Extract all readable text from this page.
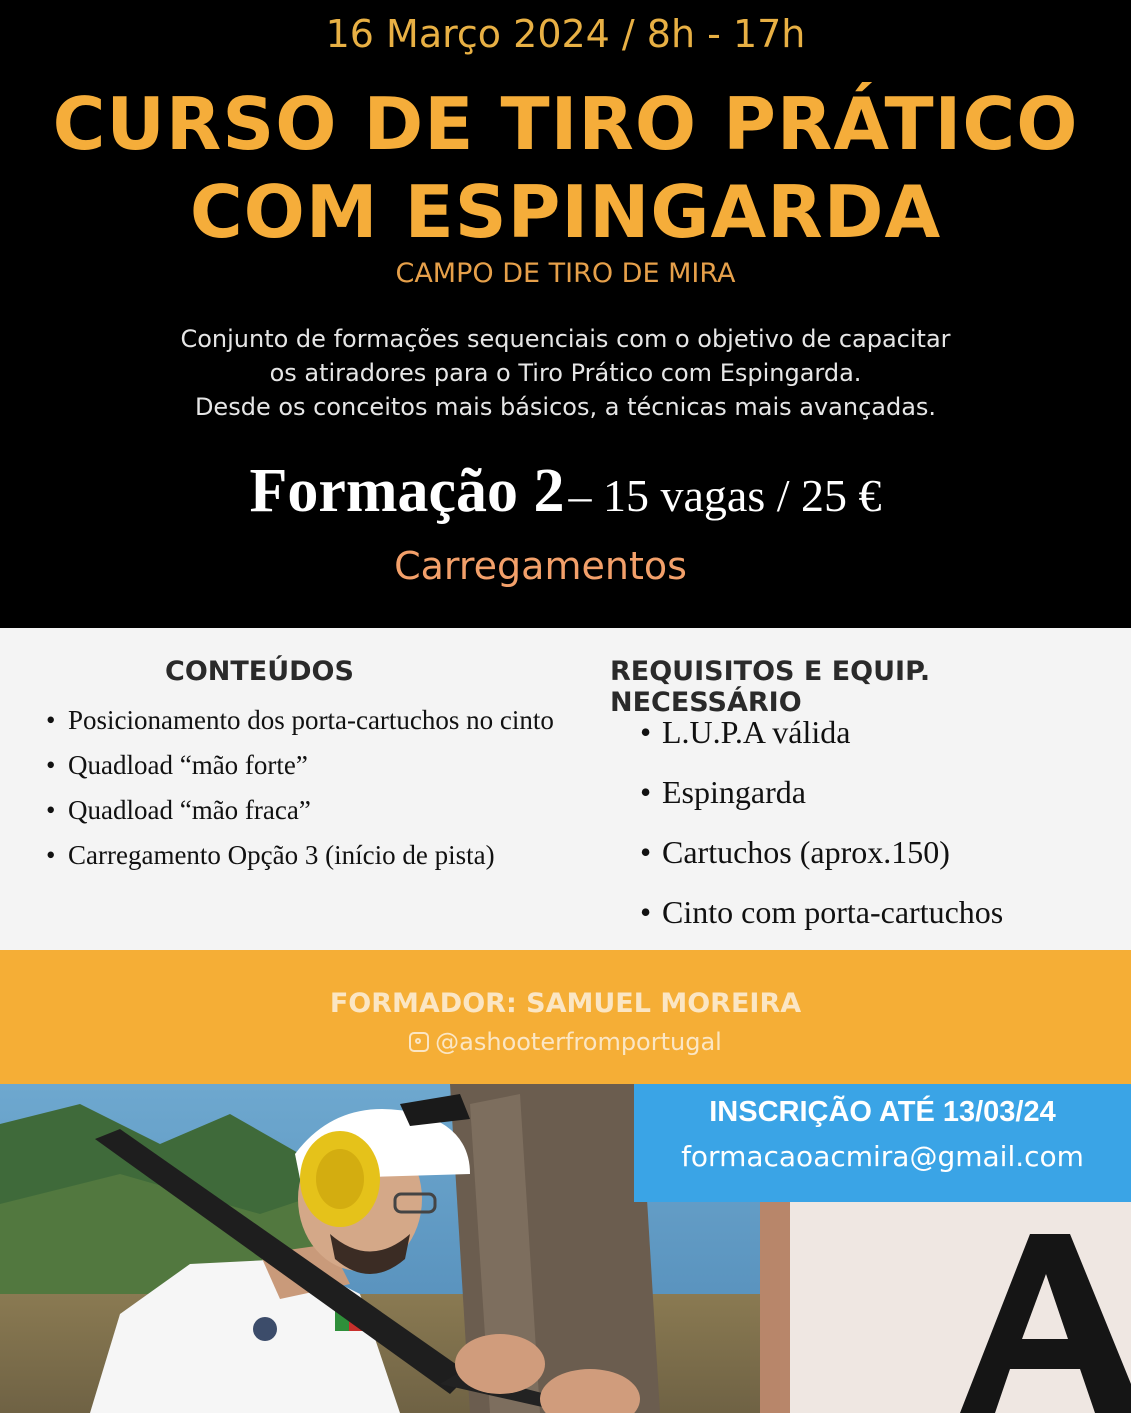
16 Março 2024 / 8h - 17h
CURSO DE TIRO PRÁTICO
COM ESPINGARDA
CAMPO DE TIRO DE MIRA
Conjunto de formações sequenciais com o objetivo de capacitar
os atiradores para o Tiro Prático com Espingarda.
Desde os conceitos mais básicos, a técnicas mais avançadas.
Formação 2 – 15 vagas / 25 €
Carregamentos
CONTEÚDOS
• Posicionamento dos porta-cartuchos no cinto
• Quadload “mão forte”
• Quadload “mão fraca”
• Carregamento Opção 3 (início de pista)
REQUISITOS E EQUIP. NECESSÁRIO
• L.U.P.A válida
• Espingarda
• Cartuchos (aprox.150)
• Cinto com porta-cartuchos
FORMADOR: SAMUEL MOREIRA
@ashooterfromportugal
INSCRIÇÃO ATÉ 13/03/24
formacaoacmira@gmail.com
